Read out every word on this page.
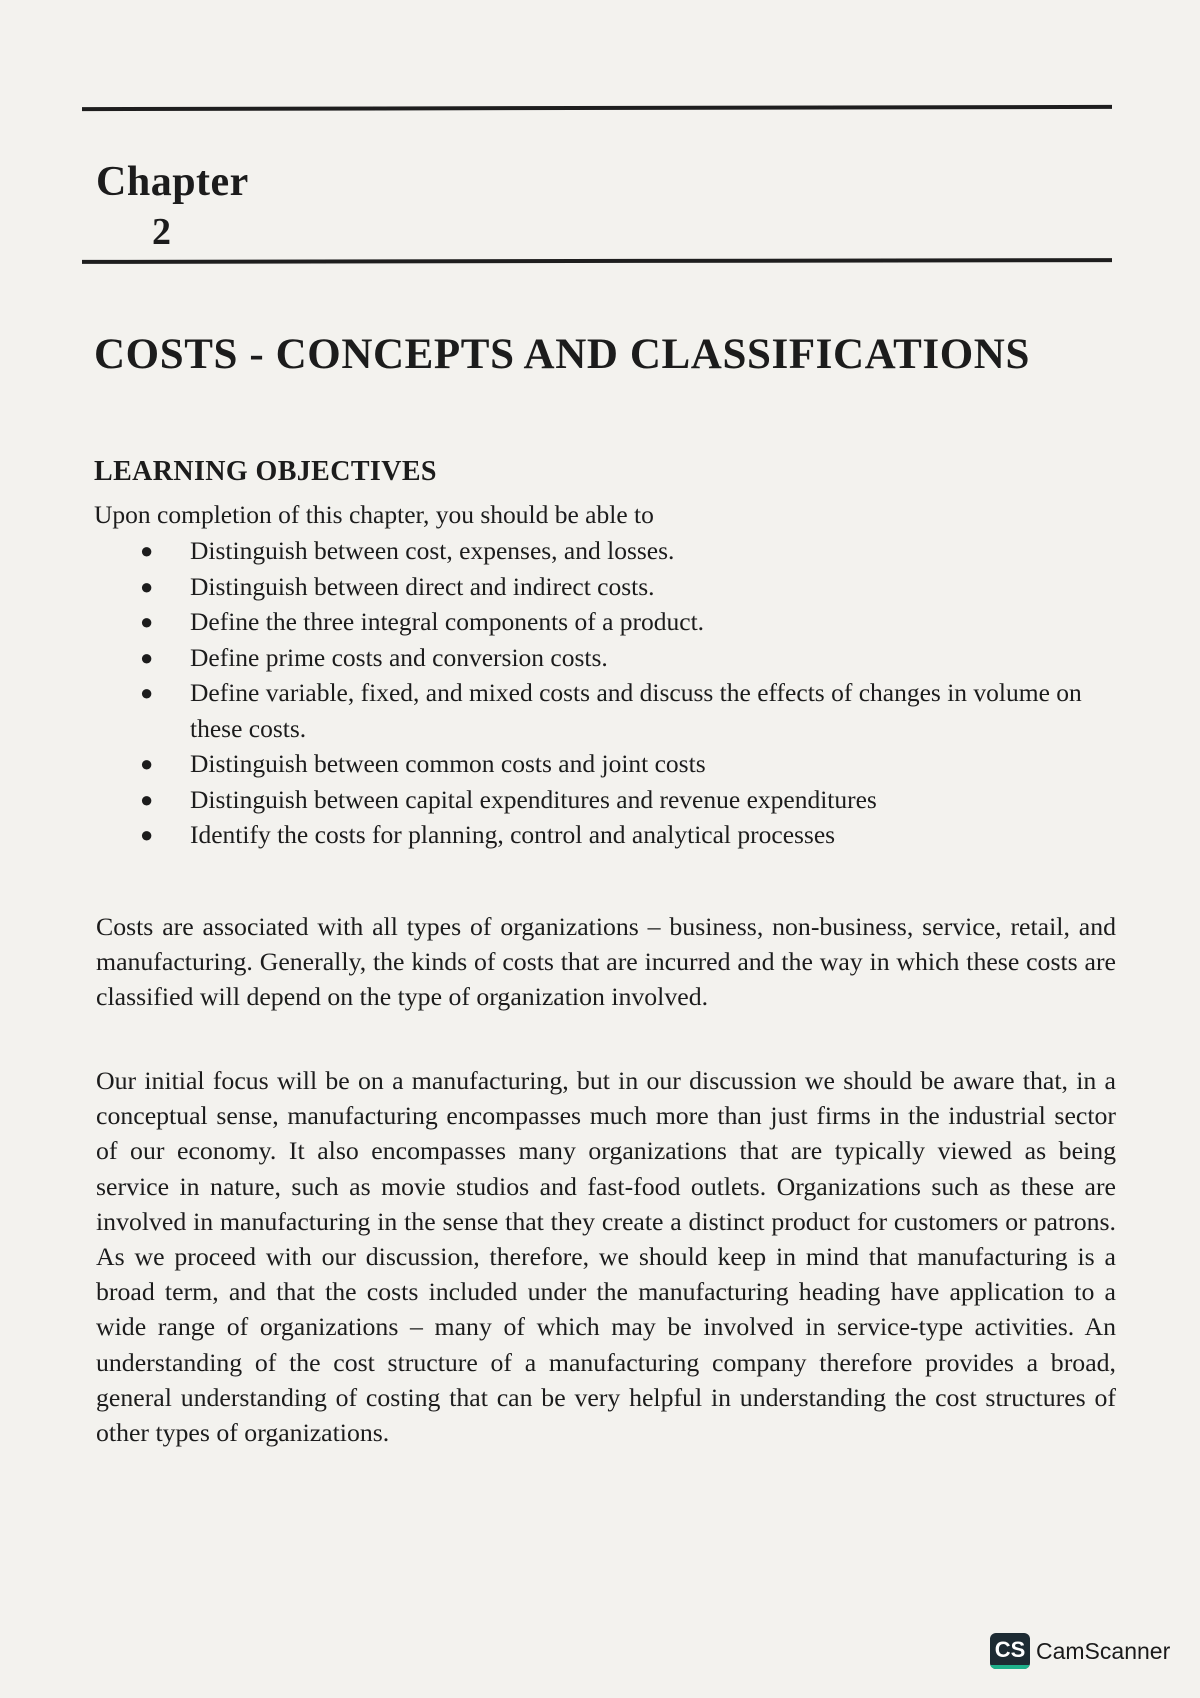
Chapter
2
COSTS - CONCEPTS AND CLASSIFICATIONS
LEARNING OBJECTIVES
Upon completion of this chapter, you should be able to
● Distinguish between cost, expenses, and losses.
● Distinguish between direct and indirect costs.
● Define the three integral components of a product.
● Define prime costs and conversion costs.
● Define variable, fixed, and mixed costs and discuss the effects of changes in volume on these costs.
● Distinguish between common costs and joint costs
● Distinguish between capital expenditures and revenue expenditures
● Identify the costs for planning, control and analytical processes

Costs are associated with all types of organizations – business, non-business, service, retail, and manufacturing. Generally, the kinds of costs that are incurred and the way in which these costs are classified will depend on the type of organization involved.

Our initial focus will be on a manufacturing, but in our discussion we should be aware that, in a conceptual sense, manufacturing encompasses much more than just firms in the industrial sector of our economy. It also encompasses many organizations that are typically viewed as being service in nature, such as movie studios and fast-food outlets. Organizations such as these are involved in manufacturing in the sense that they create a distinct product for customers or patrons. As we proceed with our discussion, therefore, we should keep in mind that manufacturing is a broad term, and that the costs included under the manufacturing heading have application to a wide range of organizations – many of which may be involved in service-type activities. An understanding of the cost structure of a manufacturing company therefore provides a broad, general understanding of costing that can be very helpful in understanding the cost structures of other types of organizations.

CS CamScanner
